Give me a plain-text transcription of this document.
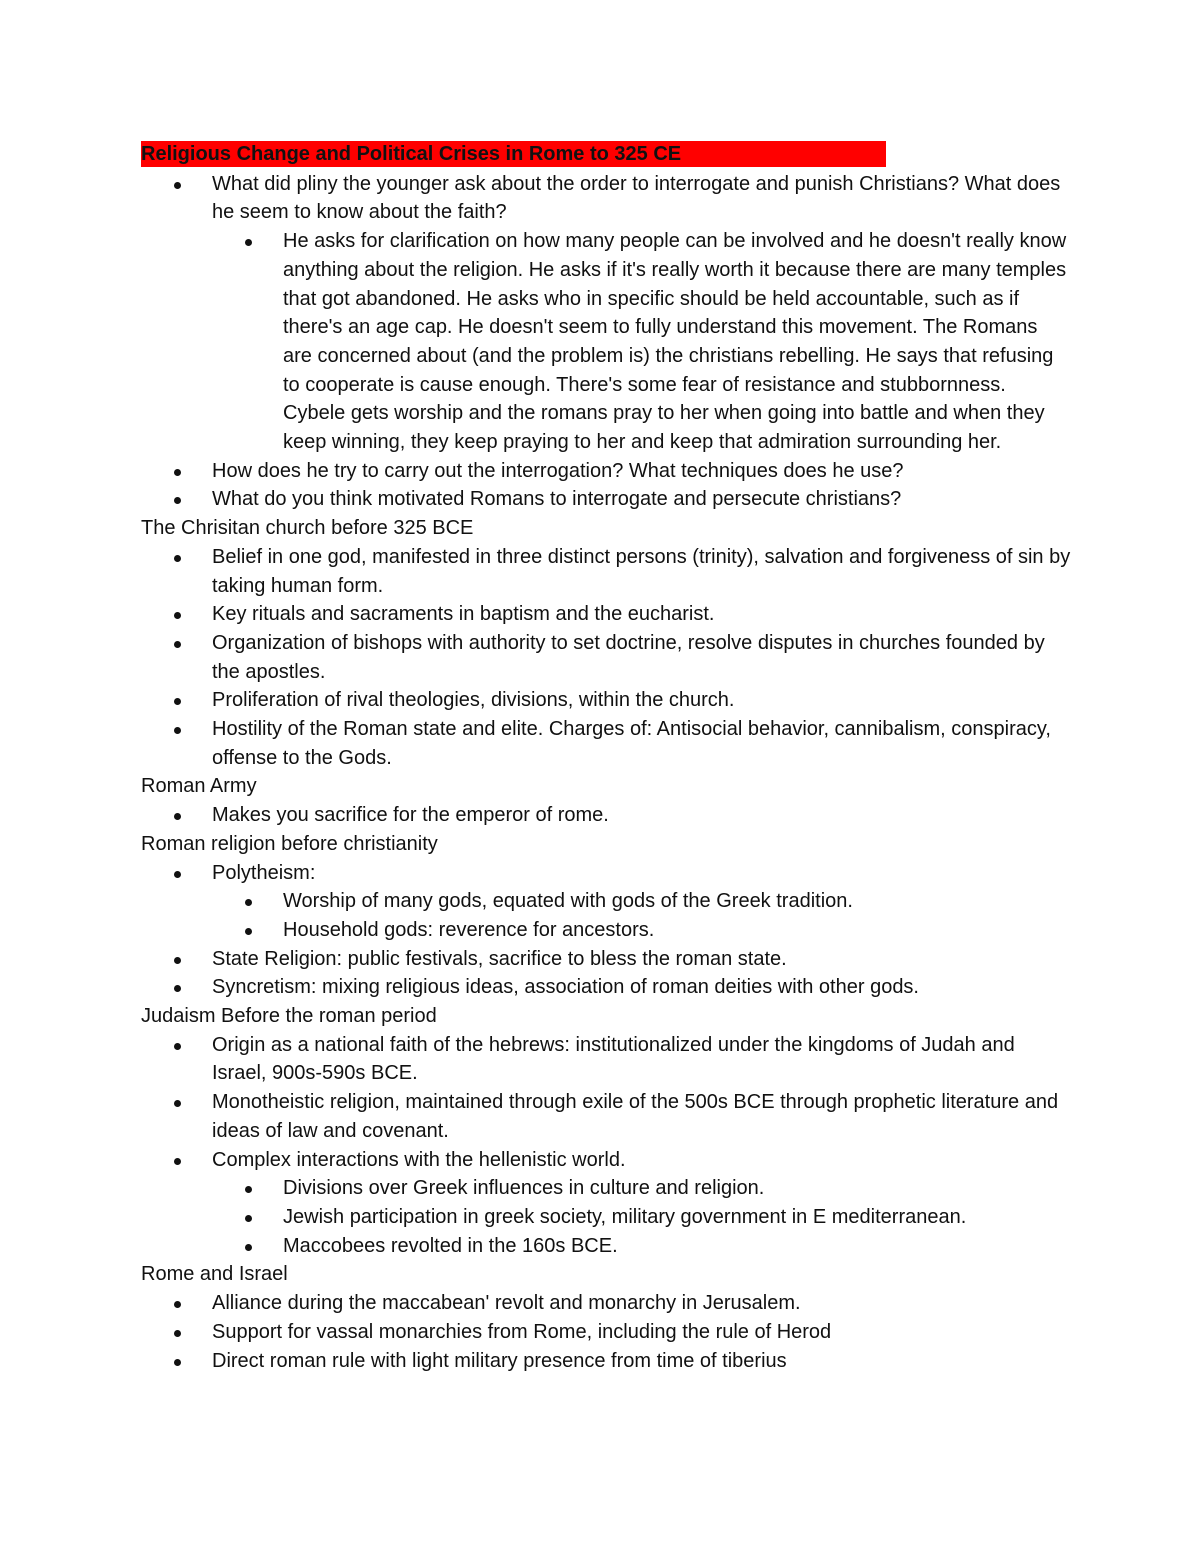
Religious Change and Political Crises in Rome to 325 CE
What did pliny the younger ask about the order to interrogate and punish Christians? What does he seem to know about the faith?
He asks for clarification on how many people can be involved and he doesn't really know anything about the religion. He asks if it's really worth it because there are many temples that got abandoned. He asks who in specific should be held accountable, such as if there's an age cap. He doesn't seem to fully understand this movement. The Romans are concerned about (and the problem is) the christians rebelling. He says that refusing to cooperate is cause enough. There's some fear of resistance and stubbornness. Cybele gets worship and the romans pray to her when going into battle and when they keep winning, they keep praying to her and keep that admiration surrounding her.
How does he try to carry out the interrogation? What techniques does he use?
What do you think motivated Romans to interrogate and persecute christians?
The Chrisitan church before 325 BCE
Belief in one god, manifested in three distinct persons (trinity), salvation and forgiveness of sin by taking human form.
Key rituals and sacraments in baptism and the eucharist.
Organization of bishops with authority to set doctrine, resolve disputes in churches founded by the apostles.
Proliferation of rival theologies, divisions, within the church.
Hostility of the Roman state and elite. Charges of: Antisocial behavior, cannibalism, conspiracy, offense to the Gods.
Roman Army
Makes you sacrifice for the emperor of rome.
Roman religion before christianity
Polytheism:
Worship of many gods, equated with gods of the Greek tradition.
Household gods: reverence for ancestors.
State Religion: public festivals, sacrifice to bless the roman state.
Syncretism: mixing religious ideas, association of roman deities with other gods.
Judaism Before the roman period
Origin as a national faith of the hebrews: institutionalized under the kingdoms of Judah and Israel, 900s-590s BCE.
Monotheistic religion, maintained through exile of the 500s BCE through prophetic literature and ideas of law and covenant.
Complex interactions with the hellenistic world.
Divisions over Greek influences in culture and religion.
Jewish participation in greek society, military government in E mediterranean.
Maccobees revolted in the 160s BCE.
Rome and Israel
Alliance during the maccabean' revolt and monarchy in Jerusalem.
Support for vassal monarchies from Rome, including the rule of Herod
Direct roman rule with light military presence from time of tiberius
